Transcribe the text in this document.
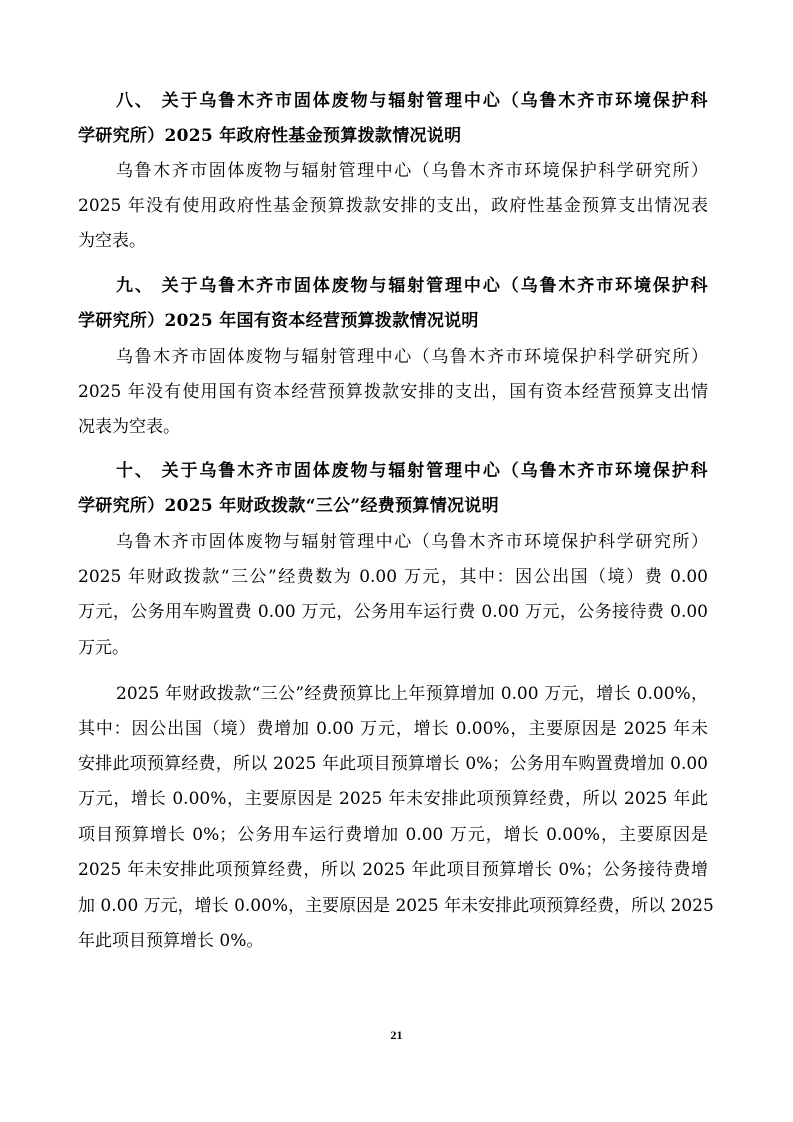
八、 关于乌鲁木齐市固体废物与辐射管理中心（乌鲁木齐市环境保护科
学研究所）2025 年政府性基金预算拨款情况说明
乌鲁木齐市固体废物与辐射管理中心（乌鲁木齐市环境保护科学研究所）
2025 年没有使用政府性基金预算拨款安排的支出，政府性基金预算支出情况表
为空表。
九、 关于乌鲁木齐市固体废物与辐射管理中心（乌鲁木齐市环境保护科
学研究所）2025 年国有资本经营预算拨款情况说明
乌鲁木齐市固体废物与辐射管理中心（乌鲁木齐市环境保护科学研究所）
2025 年没有使用国有资本经营预算拨款安排的支出，国有资本经营预算支出情
况表为空表。
十、 关于乌鲁木齐市固体废物与辐射管理中心（乌鲁木齐市环境保护科
学研究所）2025 年财政拨款“三公”经费预算情况说明
乌鲁木齐市固体废物与辐射管理中心（乌鲁木齐市环境保护科学研究所）
2025 年财政拨款“三公”经费数为 0.00 万元，其中：因公出国（境）费 0.00
万元，公务用车购置费 0.00 万元，公务用车运行费 0.00 万元，公务接待费 0.00
万元。
2025 年财政拨款“三公”经费预算比上年预算增加 0.00 万元，增长 0.00%，
其中：因公出国（境）费增加 0.00 万元，增长 0.00%，主要原因是 2025 年未
安排此项预算经费，所以 2025 年此项目预算增长 0%；公务用车购置费增加 0.00
万元，增长 0.00%，主要原因是 2025 年未安排此项预算经费，所以 2025 年此
项目预算增长 0%；公务用车运行费增加 0.00 万元，增长 0.00%，主要原因是
2025 年未安排此项预算经费，所以 2025 年此项目预算增长 0%；公务接待费增
加 0.00 万元，增长 0.00%，主要原因是 2025 年未安排此项预算经费，所以 2025
年此项目预算增长 0%。
21
